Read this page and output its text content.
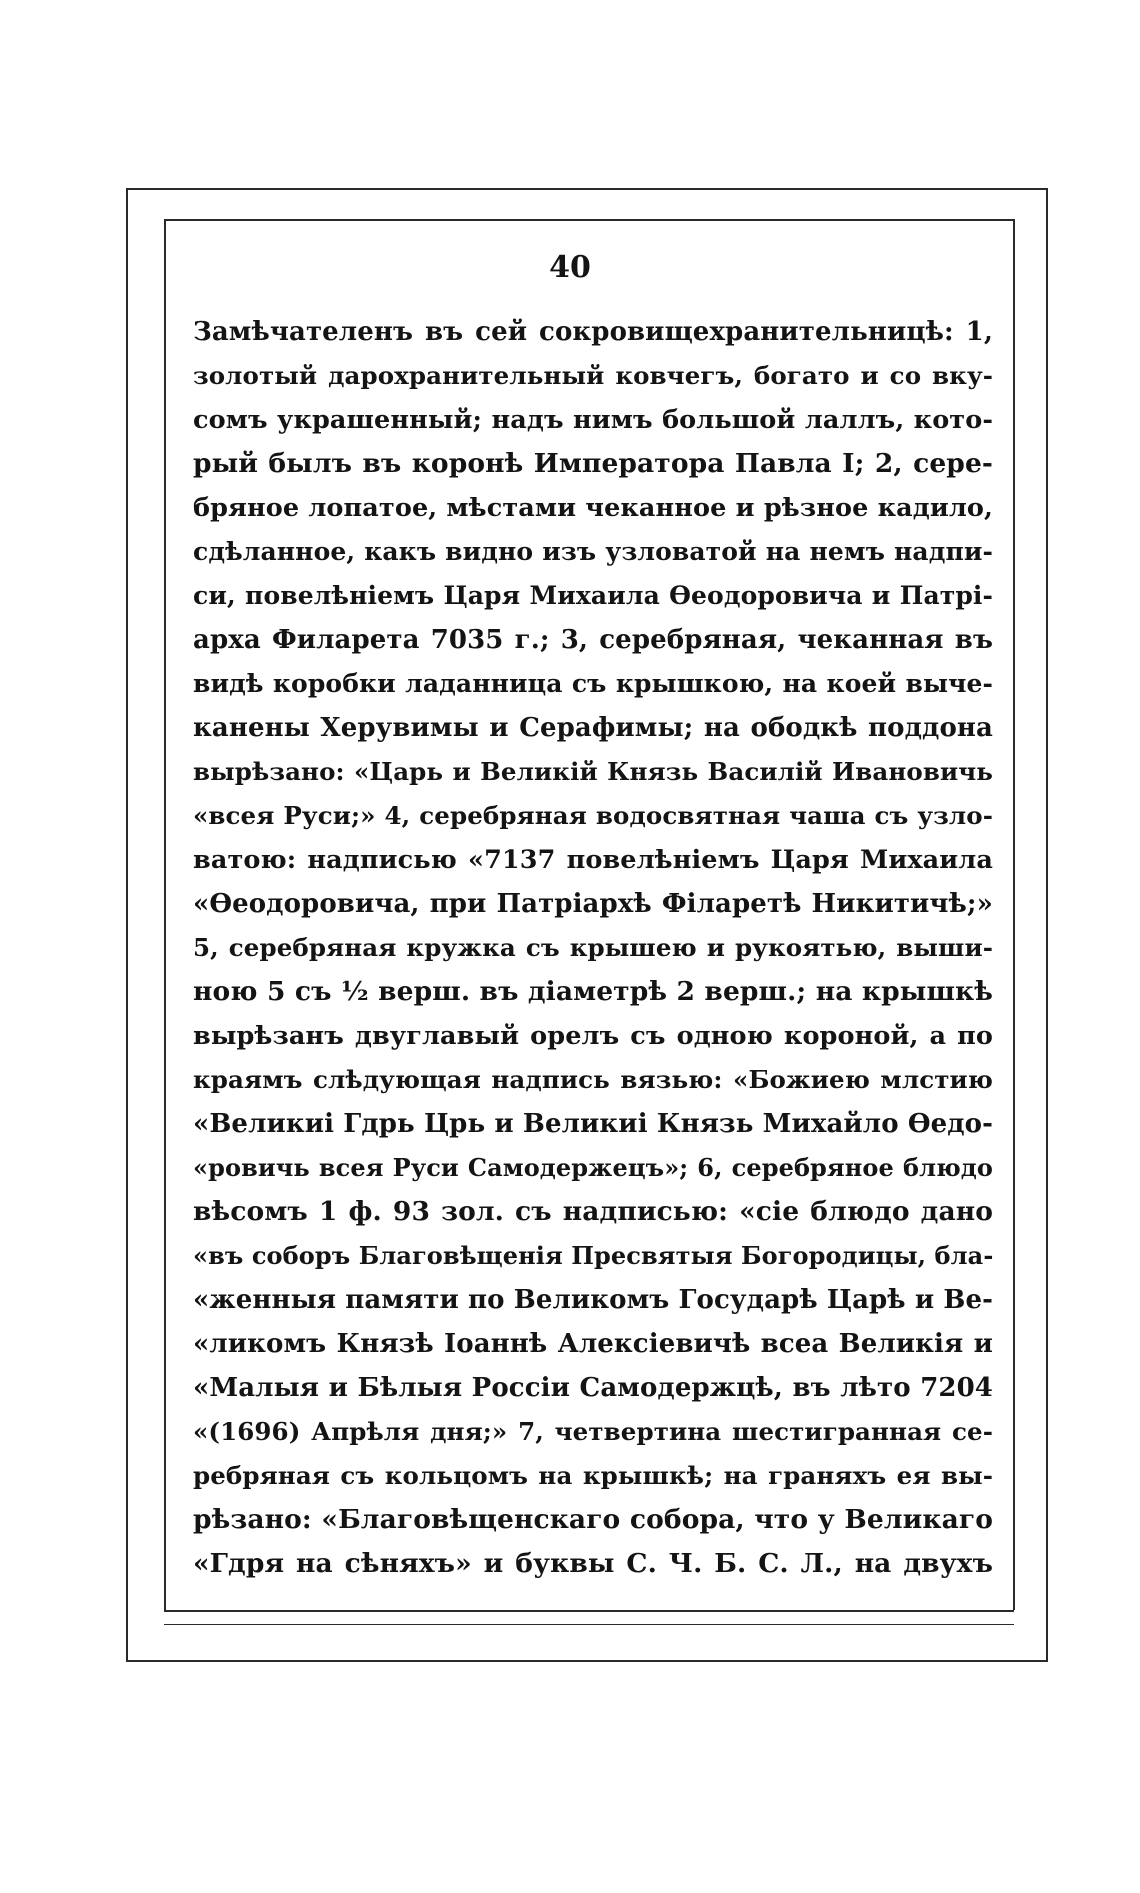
40
Замѣчателенъ въ сей сокровищехранительницѣ: 1,
золотый дарохранительный ковчегъ, богато и со вку-
сомъ украшенный; надъ нимъ большой лаллъ, кото-
рый былъ въ коронѣ Императора Павла I; 2, сере-
бряное лопатое, мѣстами чеканное и рѣзное кадило,
сдѣланное, какъ видно изъ узловатой на немъ надпи-
си, повелѣніемъ Царя Михаила Ѳеодоровича и Патрі-
арха Филарета 7035 г.; 3, серебряная, чеканная въ
видѣ коробки ладанница съ крышкою, на коей выче-
канены Херувимы и Серафимы; на ободкѣ поддона
вырѣзано: «Царь и Великій Князь Василій Ивановичь
«всея Руси;» 4, серебряная водосвятная чаша съ узло-
ватою: надписью «7137 повелѣніемъ Царя Михаила
«Ѳеодоровича, при Патріархѣ Філаретѣ Никитичѣ;»
5, серебряная кружка съ крышею и рукоятью, выши-
ною 5 съ ½ верш. въ діаметрѣ 2 верш.; на крышкѣ
вырѣзанъ двуглавый орелъ съ одною короной, а по
краямъ слѣдующая надпись вязью: «Божиею млстию
«Великиі Гдрь Црь и Великиі Князь Михайло Ѳедо-
«ровичь всея Руси Самодержецъ»; 6, серебряное блюдо
вѣсомъ 1 ф. 93 зол. съ надписью: «сіе блюдо дано
«въ соборъ Благовѣщенія Пресвятыя Богородицы, бла-
«женныя памяти по Великомъ Государѣ Царѣ и Ве-
«ликомъ Князѣ Іоаннѣ Алексіевичѣ всеа Великія и
«Малыя и Бѣлыя Россіи Самодержцѣ, въ лѣто 7204
«(1696) Апрѣля дня;» 7, четвертина шестигранная се-
ребряная съ кольцомъ на крышкѣ; на граняхъ ея вы-
рѣзано: «Благовѣщенскаго собора, что у Великаго
«Гдря на сѣняхъ» и буквы С. Ч. Б. С. Л., на двухъ
